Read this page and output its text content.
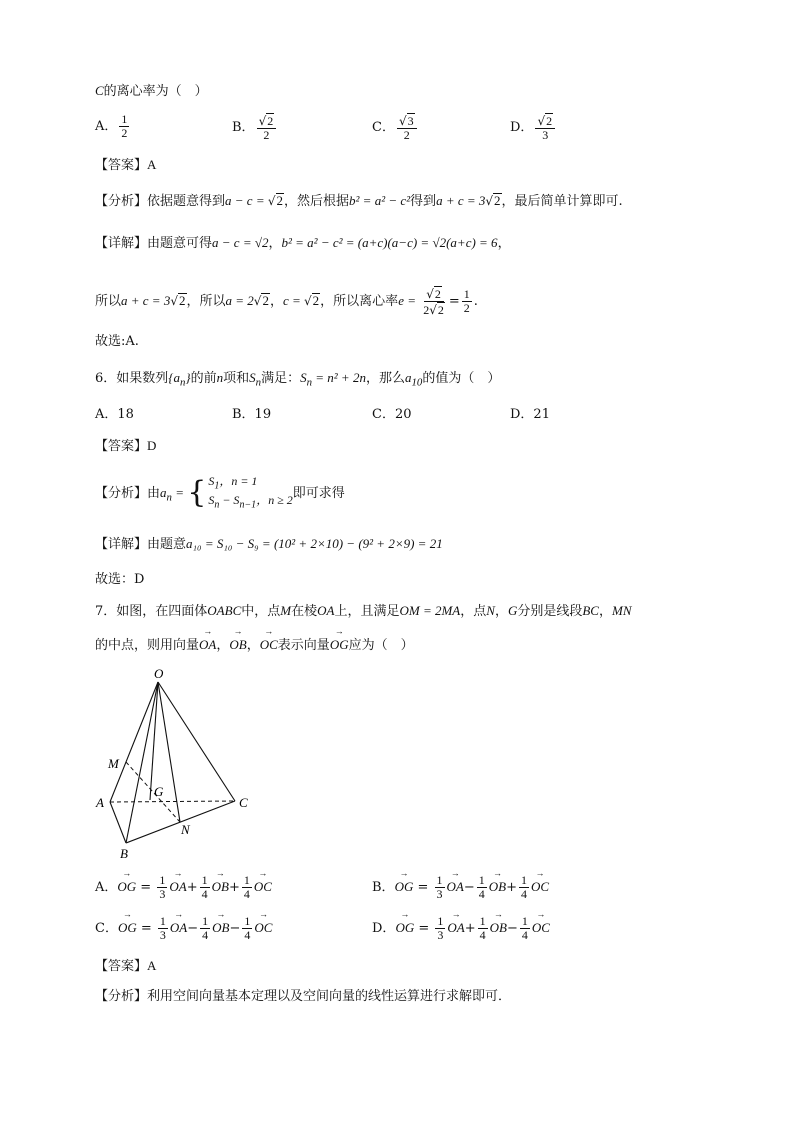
C的离心率为（　）
A． $\frac{1}{2}$	B． $\frac{√2}{2}$	C． $\frac{√3}{2}$	D． $\frac{√2}{3}$
【答案】A
【分析】依据题意得到a − c = √2，然后根据b² = a² − c²得到a + c = 3√2，最后简单计算即可.
【详解】由题意可得a − c = √2，b² = a² − c² = (a+c)(a−c) = √2(a+c) = 6，
所以a + c = 3√2，所以a = 2√2，c = √2，所以离心率$e = \frac{√2}{2√2} = \frac{1}{2}$ .
故选:A.
6．如果数列$\{a_n\}$的前n项和$S_n$满足：$S_n = n^2 + 2n$，那么$a_{10}$的值为（　）
A．18	B．19	C．20	D．21
【答案】D
【分析】由$a_n$ = { $S_1$，n = 1
$S_n - S_{n-1}$，n ≥ 2 即可求得
【详解】由题意a₁₀ = S₁₀ − S₉ = (10² + 2×10) − (9² + 2×9) = 21
故选：D
7．如图，在四面体OABC中，点M在棱OA上，且满足OM = 2MA，点N，G分别是线段BC，MN
的中点，则用向量→ OA，→ OB，→ OC表示向量→ OG应为（　）
O
M
G
A	C
N
B
A．→ OG = $\frac{1}{3}$
→ $OA+ \frac{1}{4}$
→ $OB+ \frac{1}{4}$
→ OC	B．→ OG = $\frac{1}{3}$
→ $OA- \frac{1}{4}$
→ $OB+ \frac{1}{4}$
→ OC
C．→ OG = $\frac{1}{3}$
→ $OA- \frac{1}{4}$
→ $OB- \frac{1}{4}$
→ OC	D．→ OG = $\frac{1}{3}$
→ $OA+ \frac{1}{4}$
→ $OB- \frac{1}{4}$
→ OC
【答案】A
【分析】利用空间向量基本定理以及空间向量的线性运算进行求解即可．
